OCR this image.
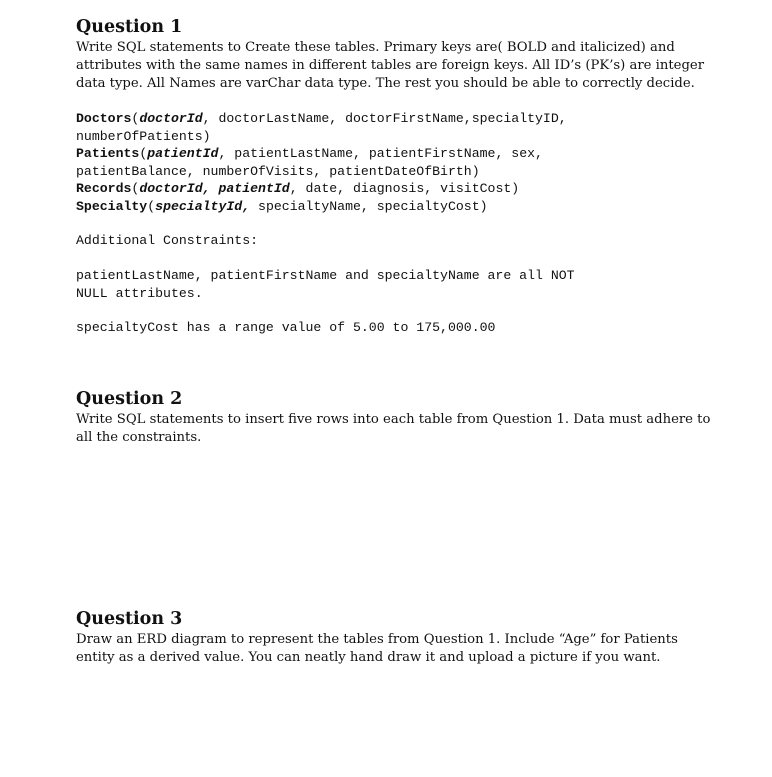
Question 1
Write SQL statements to Create these tables. Primary keys are( BOLD and italicized) and
attributes with the same names in different tables are foreign keys. All ID’s (PK’s) are integer
data type. All Names are varChar data type. The rest you should be able to correctly decide.
Doctors(doctorId, doctorLastName, doctorFirstName,specialtyID,
numberOfPatients)
Patients(patientId, patientLastName, patientFirstName, sex,
patientBalance, numberOfVisits, patientDateOfBirth)
Records(doctorId, patientId, date, diagnosis, visitCost)
Specialty(specialtyId, specialtyName, specialtyCost)
Additional Constraints:
patientLastName, patientFirstName and specialtyName are all NOT
NULL attributes.
specialtyCost has a range value of 5.00 to 175,000.00
Question 2
Write SQL statements to insert five rows into each table from Question 1. Data must adhere to
all the constraints.
Question 3
Draw an ERD diagram to represent the tables from Question 1. Include “Age” for Patients
entity as a derived value. You can neatly hand draw it and upload a picture if you want.
